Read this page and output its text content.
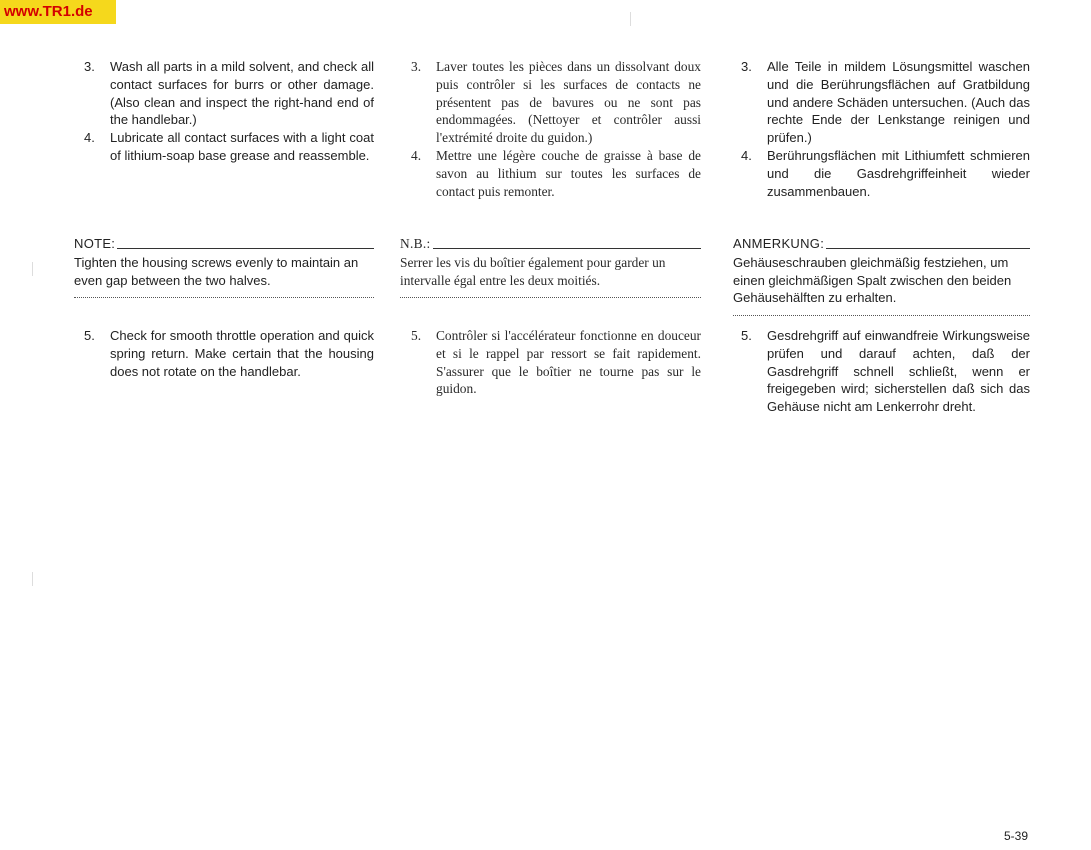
www.TR1.de
3. Wash all parts in a mild solvent, and check all contact surfaces for burrs or other damage. (Also clean and inspect the right-hand end of the handlebar.)
4. Lubricate all contact surfaces with a light coat of lithium-soap base grease and reassemble.
NOTE:
Tighten the housing screws evenly to maintain an even gap between the two halves.
5. Check for smooth throttle operation and quick spring return. Make certain that the housing does not rotate on the handlebar.
3. Laver toutes les pièces dans un dissolvant doux puis contrôler si les surfaces de contacts ne présentent pas de bavures ou ne sont pas endommagées. (Nettoyer et contrôler aussi l'extrémité droite du guidon.)
4. Mettre une légère couche de graisse à base de savon au lithium sur toutes les surfaces de contact puis remonter.
N.B.:
Serrer les vis du boîtier également pour garder un intervalle égal entre les deux moitiés.
5. Contrôler si l'accélérateur fonctionne en douceur et si le rappel par ressort se fait rapidement. S'assurer que le boîtier ne tourne pas sur le guidon.
3. Alle Teile in mildem Lösungsmittel waschen und die Berührungsflächen auf Gratbildung und andere Schäden untersuchen. (Auch das rechte Ende der Lenkstange reinigen und prüfen.)
4. Berührungsflächen mit Lithiumfett schmieren und die Gasdrehgriffeinheit wieder zusammenbauen.
ANMERKUNG:
Gehäuseschrauben gleichmäßig festziehen, um einen gleichmäßigen Spalt zwischen den beiden Gehäusehälften zu erhalten.
5. Gesdrehgriff auf einwandfreie Wirkungsweise prüfen und darauf achten, daß der Gasdrehgriff schnell schließt, wenn er freigegeben wird; sicherstellen daß sich das Gehäuse nicht am Lenkerrohr dreht.
5-39
